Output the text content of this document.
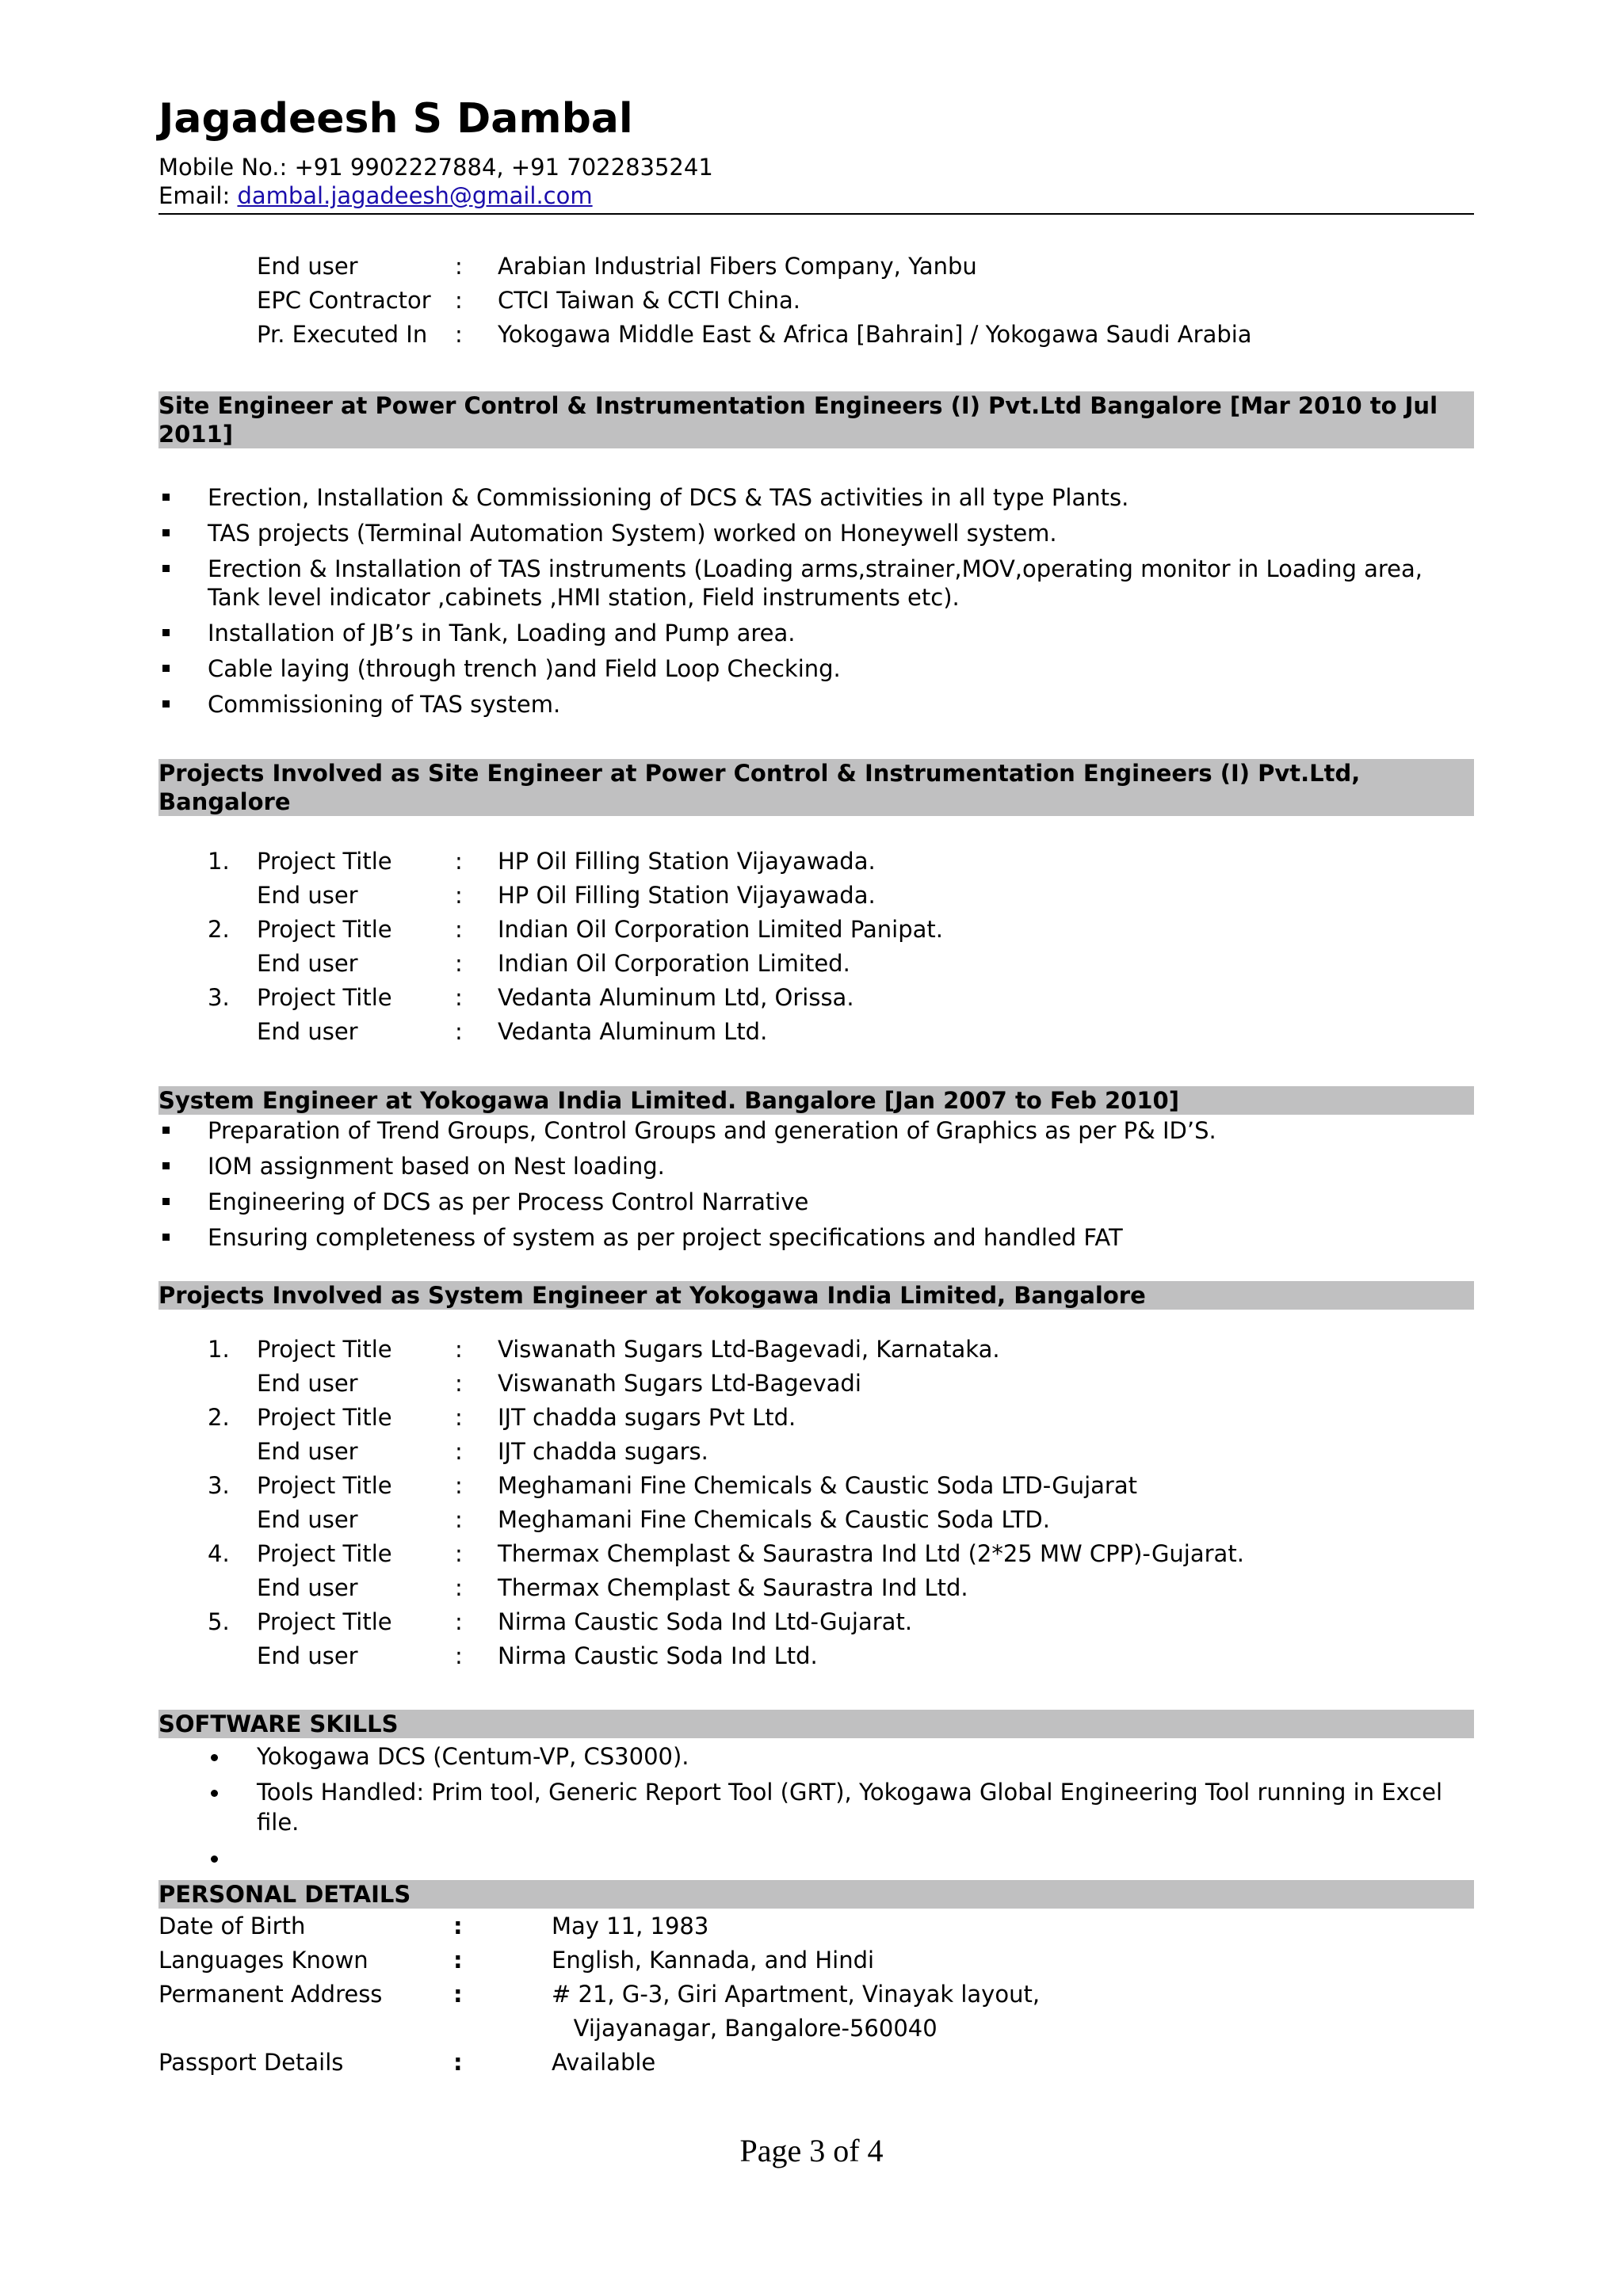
Jagadeesh S Dambal
Mobile No.: +91 9902227884, +91 7022835241
Email: dambal.jagadeesh@gmail.com
End user	:	Arabian Industrial Fibers Company, Yanbu
EPC Contractor	:	CTCI Taiwan & CCTI China.
Pr. Executed In	:	Yokogawa Middle East & Africa [Bahrain] / Yokogawa Saudi Arabia
Site Engineer at Power Control & Instrumentation Engineers (I) Pvt.Ltd Bangalore [Mar 2010 to Jul 2011]
Erection, Installation & Commissioning of DCS & TAS activities in all type Plants.
TAS projects (Terminal Automation System) worked on Honeywell system.
Erection & Installation of TAS instruments (Loading arms,strainer,MOV,operating monitor in Loading area, Tank level indicator ,cabinets ,HMI station, Field instruments etc).
Installation of JB’s in Tank, Loading and Pump area.
Cable laying (through trench )and Field Loop Checking.
Commissioning of TAS system.
Projects Involved as Site Engineer at Power Control & Instrumentation Engineers (I) Pvt.Ltd, Bangalore
1.	Project Title	:	HP Oil Filling Station Vijayawada.
End user	:	HP Oil Filling Station Vijayawada.
2.	Project Title	:	Indian Oil Corporation Limited Panipat.
End user	:	Indian Oil Corporation Limited.
3.	Project Title	:	Vedanta Aluminum Ltd, Orissa.
End user	:	Vedanta Aluminum Ltd.
System Engineer at Yokogawa India Limited. Bangalore [Jan 2007 to Feb 2010]
Preparation of Trend Groups, Control Groups and generation of Graphics as per P& ID’S.
IOM assignment based on Nest loading.
Engineering of DCS as per Process Control Narrative
Ensuring completeness of system as per project specifications and handled FAT
Projects Involved as System Engineer at Yokogawa India Limited, Bangalore
1.	Project Title	:	Viswanath Sugars Ltd-Bagevadi, Karnataka.
End user	:	Viswanath Sugars Ltd-Bagevadi
2.	Project Title	:	IJT chadda sugars Pvt Ltd.
End user	:	IJT chadda sugars.
3.	Project Title	:	Meghamani Fine Chemicals & Caustic Soda LTD-Gujarat
End user	:	Meghamani Fine Chemicals & Caustic Soda LTD.
4.	Project Title	:	Thermax Chemplast & Saurastra Ind Ltd (2*25 MW CPP)-Gujarat.
End user	:	Thermax Chemplast & Saurastra Ind Ltd.
5.	Project Title	:	Nirma Caustic Soda Ind Ltd-Gujarat.
End user	:	Nirma Caustic Soda Ind Ltd.
SOFTWARE SKILLS
Yokogawa DCS (Centum-VP, CS3000).
Tools Handled: Prim tool, Generic Report Tool (GRT), Yokogawa Global Engineering Tool running in Excel file.
PERSONAL DETAILS
Date of Birth	:	May 11, 1983
Languages Known	:	English, Kannada, and Hindi
Permanent Address	:	# 21, G-3, Giri Apartment, Vinayak layout,
Vijayanagar, Bangalore-560040
Passport Details	:	Available
Page 3 of 4
